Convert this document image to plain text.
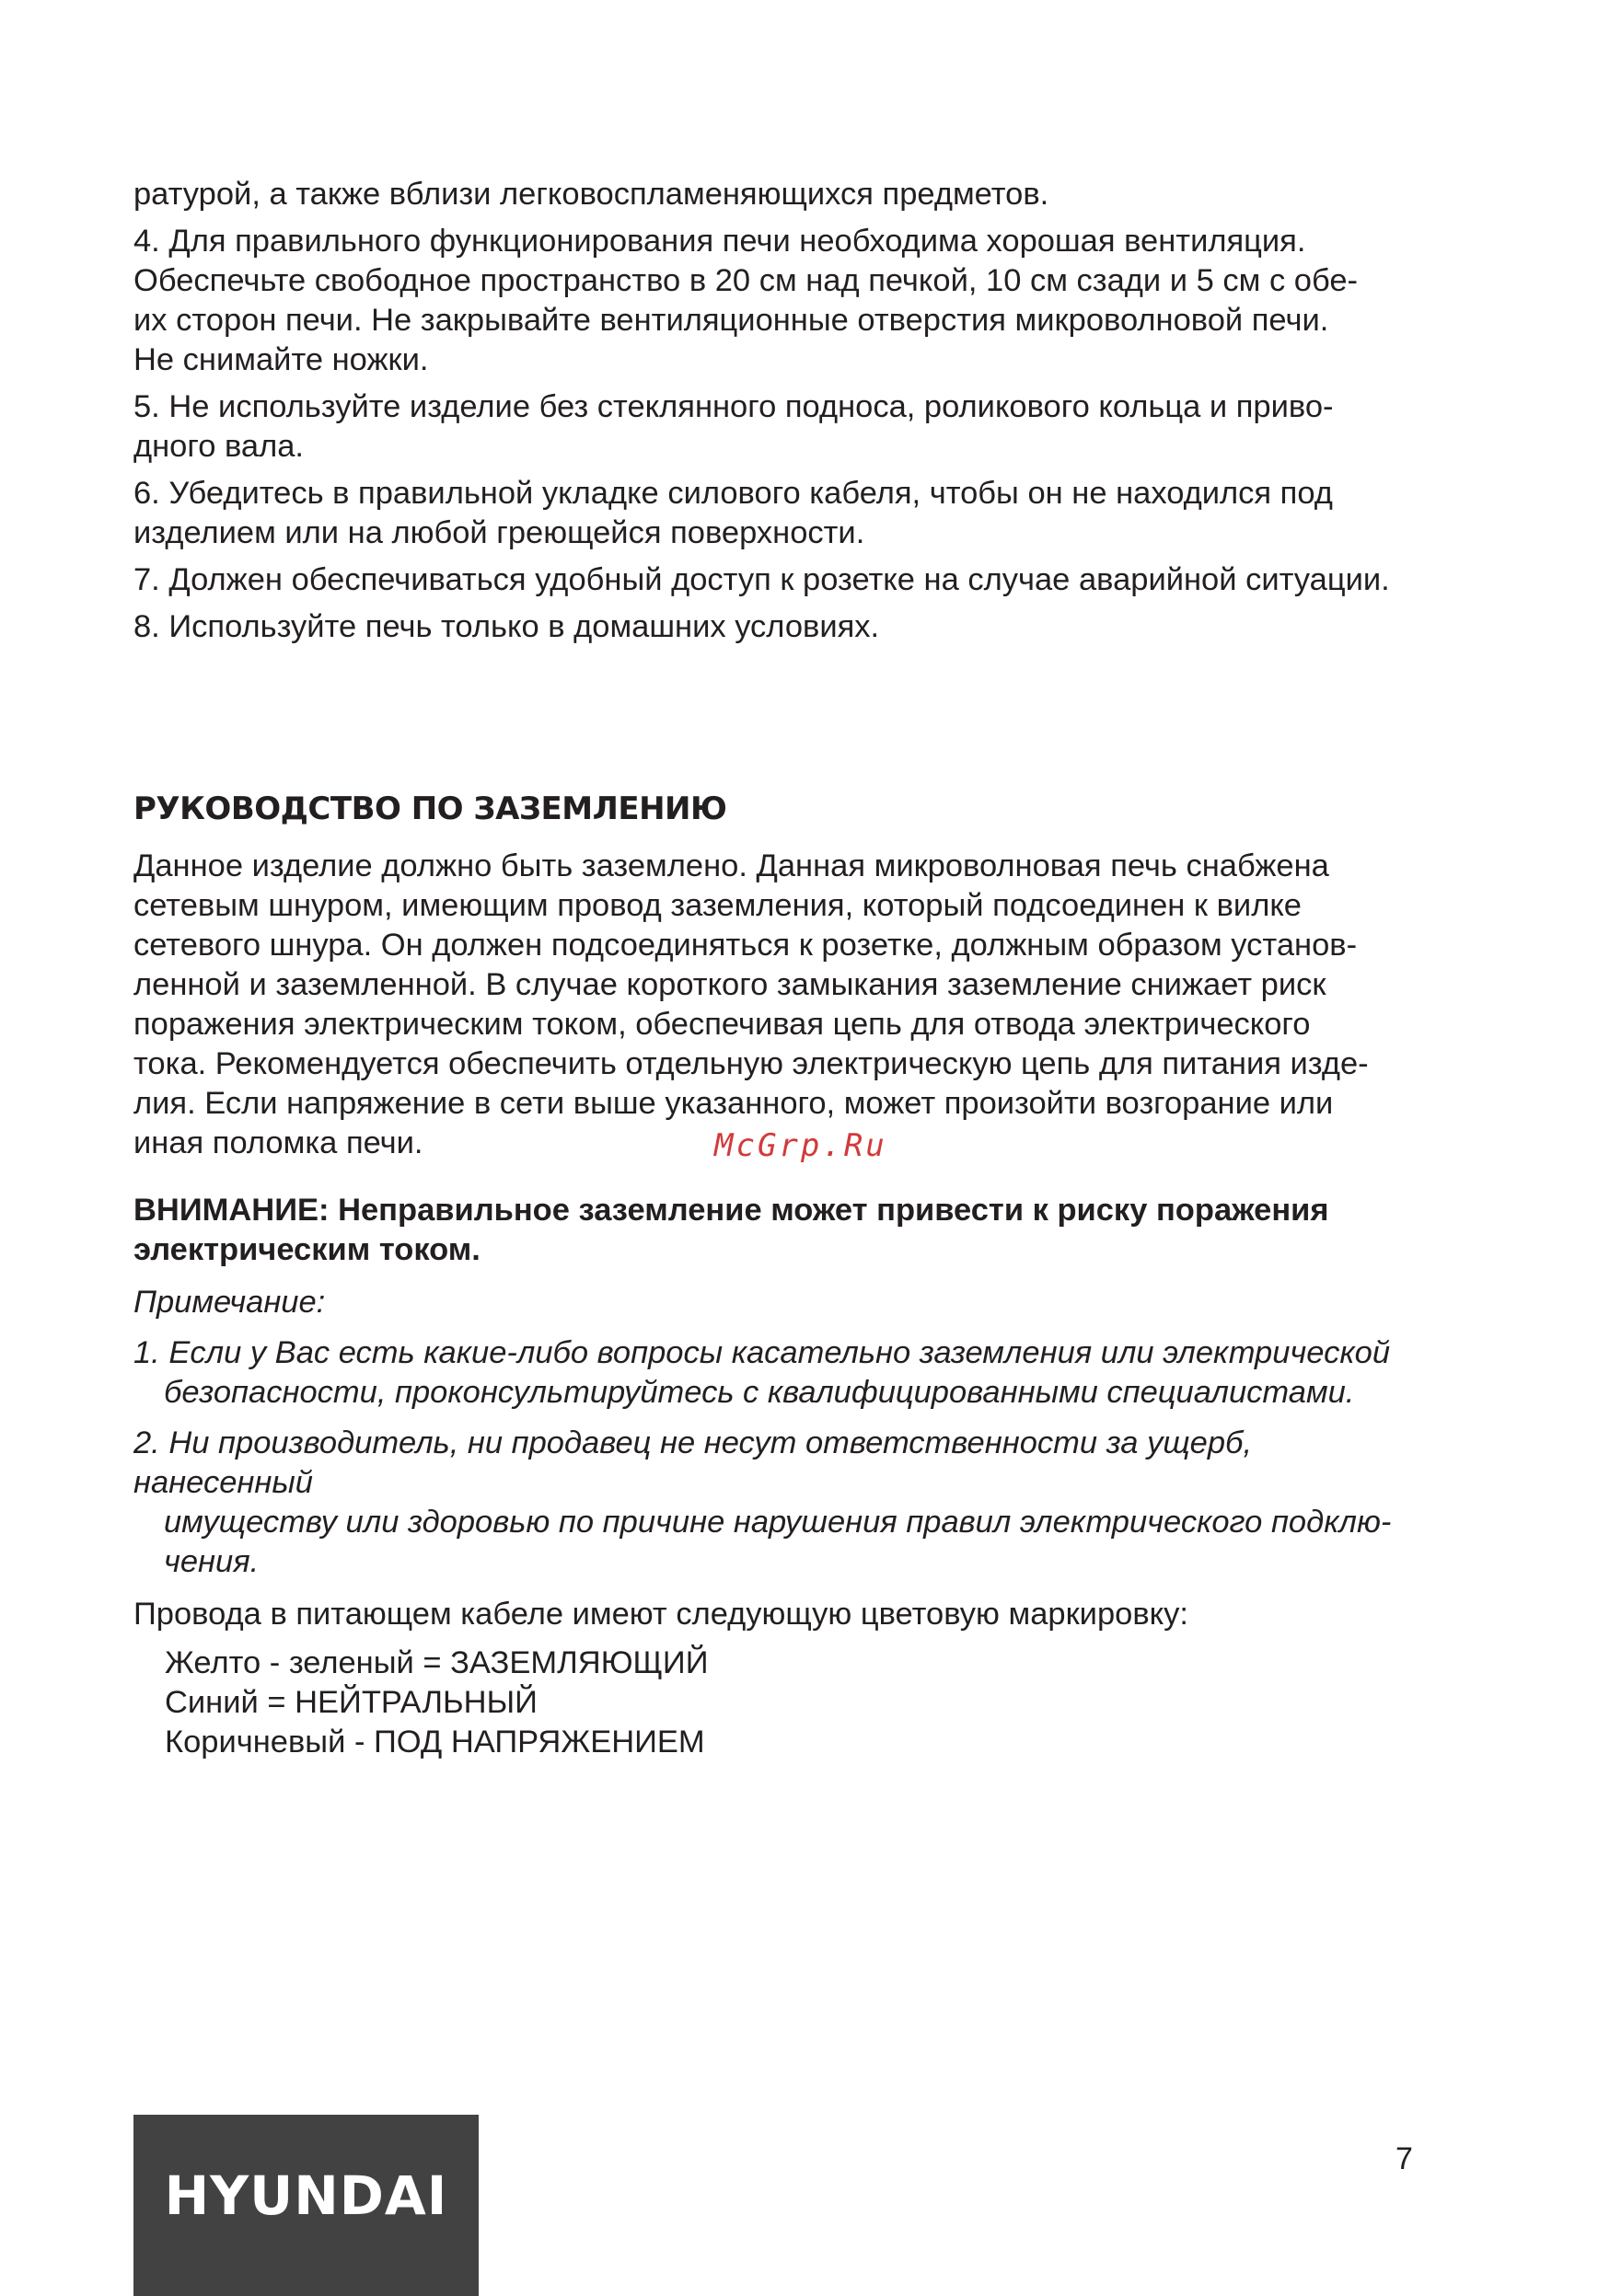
ратурой, а также вблизи легковоспламеняющихся предметов.

4. Для правильного функционирования печи необходима хорошая вентиляция.

Обеспечьте свободное пространство в 20 см над печкой, 10 см сзади и 5 см с обе-

их сторон печи. Не закрывайте вентиляционные отверстия микроволновой печи.

Не снимайте ножки.

5. Не используйте изделие без стеклянного подноса, роликового кольца и приво-

дного вала.

6. Убедитесь в правильной укладке силового кабеля, чтобы он не находился под

изделием или на любой греющейся поверхности.

7. Должен обеспечиваться удобный доступ к розетке на случае аварийной ситуации.

8. Используйте печь только в домашних условиях.

РУКОВОДСТВО ПО ЗАЗЕМЛЕНИЮ

Данное изделие должно быть заземлено. Данная микроволновая печь снабжена

сетевым шнуром, имеющим провод заземления, который подсоединен к вилке

сетевого шнура. Он должен подсоединяться к розетке, должным образом установ-

ленной и заземленной. В случае короткого замыкания заземление снижает риск

поражения электрическим током, обеспечивая цепь для отвода электрического

тока. Рекомендуется обеспечить отдельную электрическую цепь для питания изде-

лия. Если напряжение в сети выше указанного, может произойти возгорание или

иная поломка печи.

ВНИМАНИЕ: Неправильное заземление может привести к риску поражения

электрическим током.

Примечание:

1. Если у Вас есть какие-либо вопросы касательно заземления или электрической

безопасности, проконсультируйтесь с квалифицированными специалистами.

2. Ни производитель, ни продавец не несут ответственности за ущерб, нанесенный

имуществу или здоровью по причине нарушения правил электрического подклю-

чения.

Провода в питающем кабеле имеют следующую цветовую маркировку:

Желто - зеленый = ЗАЗЕМЛЯЮЩИЙ

Синий = НЕЙТРАЛЬНЫЙ

Коричневый - ПОД НАПРЯЖЕНИЕМ

McGrp.Ru
HYUNDAI
7
